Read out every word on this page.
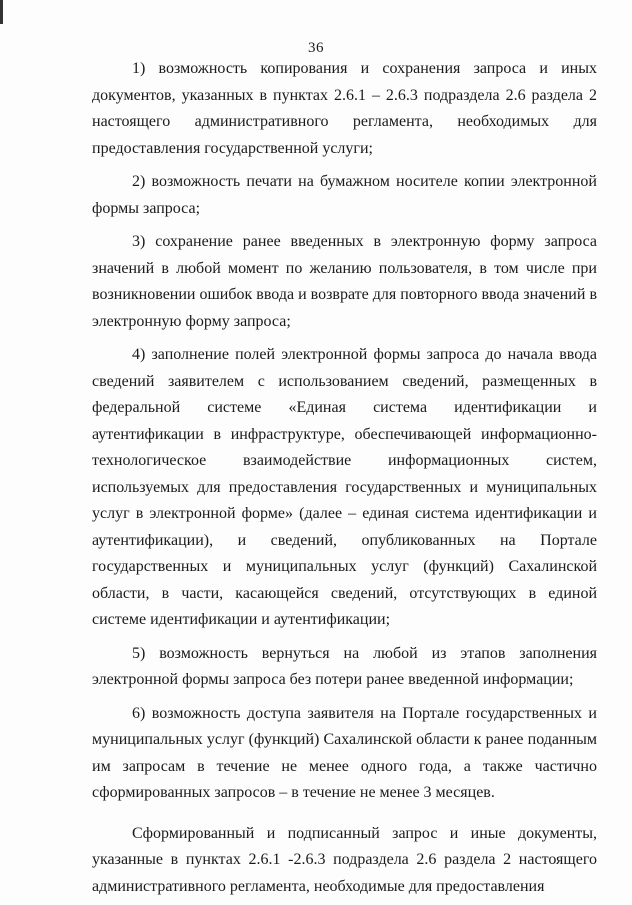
36

1) возможность копирования и сохранения запроса и иных документов, указанных в пунктах 2.6.1 – 2.6.3 подраздела 2.6 раздела 2 настоящего административного регламента, необходимых для предоставления государственной услуги;

2) возможность печати на бумажном носителе копии электронной формы запроса;

3) сохранение ранее введенных в электронную форму запроса значений в любой момент по желанию пользователя, в том числе при возникновении ошибок ввода и возврате для повторного ввода значений в электронную форму запроса;

4) заполнение полей электронной формы запроса до начала ввода сведений заявителем с использованием сведений, размещенных в федеральной системе «Единая система идентификации и аутентификации в инфраструктуре, обеспечивающей информационно-технологическое взаимодействие информационных систем, используемых для предоставления государственных и муниципальных услуг в электронной форме» (далее – единая система идентификации и аутентификации), и сведений, опубликованных на Портале государственных и муниципальных услуг (функций) Сахалинской области, в части, касающейся сведений, отсутствующих в единой системе идентификации и аутентификации;

5) возможность вернуться на любой из этапов заполнения электронной формы запроса без потери ранее введенной информации;

6) возможность доступа заявителя на Портале государственных и муниципальных услуг (функций) Сахалинской области к ранее поданным им запросам в течение не менее одного года, а также частично сформированных запросов – в течение не менее 3 месяцев.

Сформированный и подписанный запрос и иные документы, указанные в пунктах 2.6.1 -2.6.3 подраздела 2.6 раздела 2 настоящего административного регламента, необходимые для предоставления
